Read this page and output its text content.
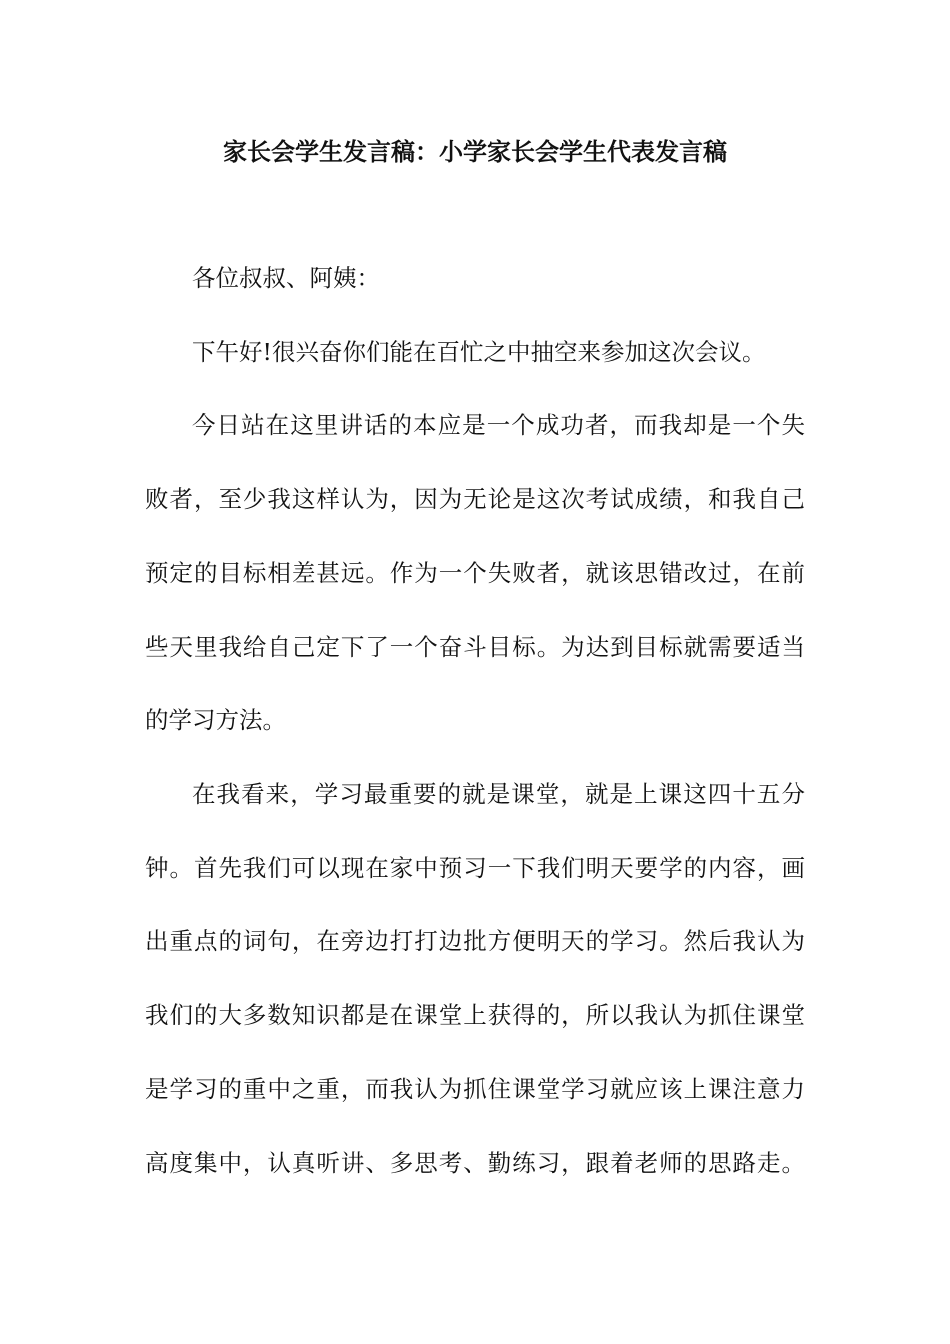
家长会学生发言稿：小学家长会学生代表发言稿
各位叔叔、阿姨：
下午好!很兴奋你们能在百忙之中抽空来参加这次会议。
今日站在这里讲话的本应是一个成功者，而我却是一个失
败者，至少我这样认为，因为无论是这次考试成绩，和我自己
预定的目标相差甚远。作为一个失败者，就该思错改过，在前
些天里我给自己定下了一个奋斗目标。为达到目标就需要适当
的学习方法。
在我看来，学习最重要的就是课堂，就是上课这四十五分
钟。首先我们可以现在家中预习一下我们明天要学的内容，画
出重点的词句，在旁边打打边批方便明天的学习。然后我认为
我们的大多数知识都是在课堂上获得的，所以我认为抓住课堂
是学习的重中之重，而我认为抓住课堂学习就应该上课注意力
高度集中，认真听讲、多思考、勤练习，跟着老师的思路走。
